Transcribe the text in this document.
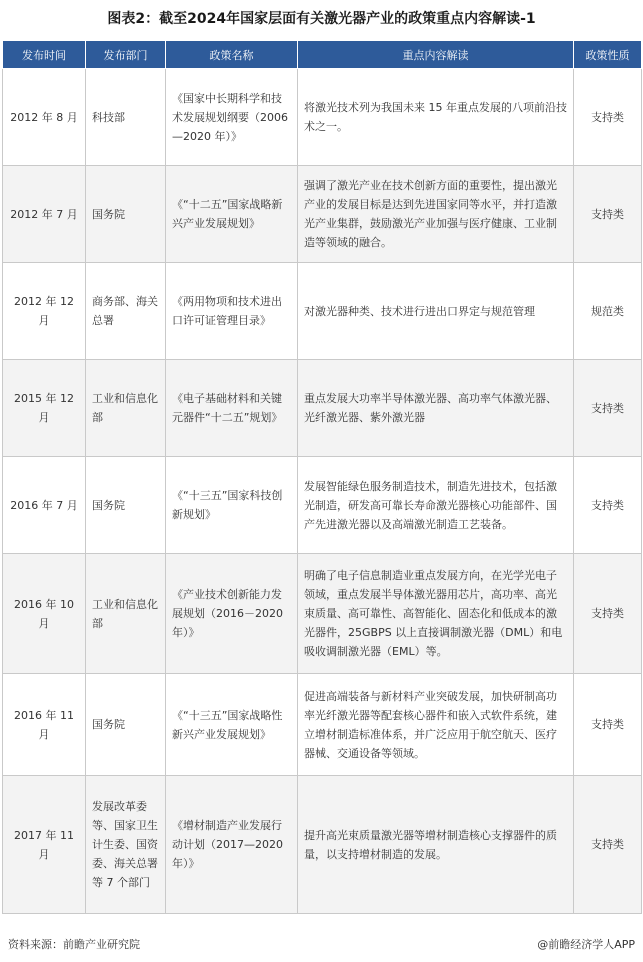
图表2：截至2024年国家层面有关激光器产业的政策重点内容解读-1
发布时间	发布部门	政策名称	重点内容解读	政策性质
2012 年 8 月	科技部	《国家中长期科学和技术发展规划纲要（2006—2020 年）》	将激光技术列为我国未来 15 年重点发展的八项前沿技术之一。	支持类
2012 年 7 月	国务院	《“十二五”国家战略新兴产业发展规划》	强调了激光产业在技术创新方面的重要性，提出激光产业的发展目标是达到先进国家同等水平，并打造激光产业集群，鼓励激光产业加强与医疗健康、工业制造等领域的融合。	支持类
2012 年 12 月	商务部、海关总署	《两用物项和技术进出口许可证管理目录》	对激光器种类、技术进行进出口界定与规范管理	规范类
2015 年 12 月	工业和信息化部	《电子基础材料和关键元器件“十二五”规划》	重点发展大功率半导体激光器、高功率气体激光器、光纤激光器、紫外激光器	支持类
2016 年 7 月	国务院	《“十三五”国家科技创新规划》	发展智能绿色服务制造技术，制造先进技术，包括激光制造，研发高可靠长寿命激光器核心功能部件、国产先进激光器以及高端激光制造工艺装备。	支持类
2016 年 10 月	工业和信息化部	《产业技术创新能力发展规划（2016－2020 年）》	明确了电子信息制造业重点发展方向，在光学光电子领域，重点发展半导体激光器用芯片，高功率、高光束质量、高可靠性、高智能化、固态化和低成本的激光器件，25GBPS 以上直接调制激光器（DML）和电吸收调制激光器（EML）等。	支持类
2016 年 11 月	国务院	《“十三五”国家战略性新兴产业发展规划》	促进高端装备与新材料产业突破发展，加快研制高功率光纤激光器等配套核心器件和嵌入式软件系统，建立增材制造标准体系，并广泛应用于航空航天、医疗器械、交通设备等领域。	支持类
2017 年 11 月	发展改革委等、国家卫生计生委、国资委、海关总署等 7 个部门	《增材制造产业发展行动计划（2017—2020 年）》	提升高光束质量激光器等增材制造核心支撑器件的质量，以支持增材制造的发展。	支持类
资料来源：前瞻产业研究院	@前瞻经济学人APP
